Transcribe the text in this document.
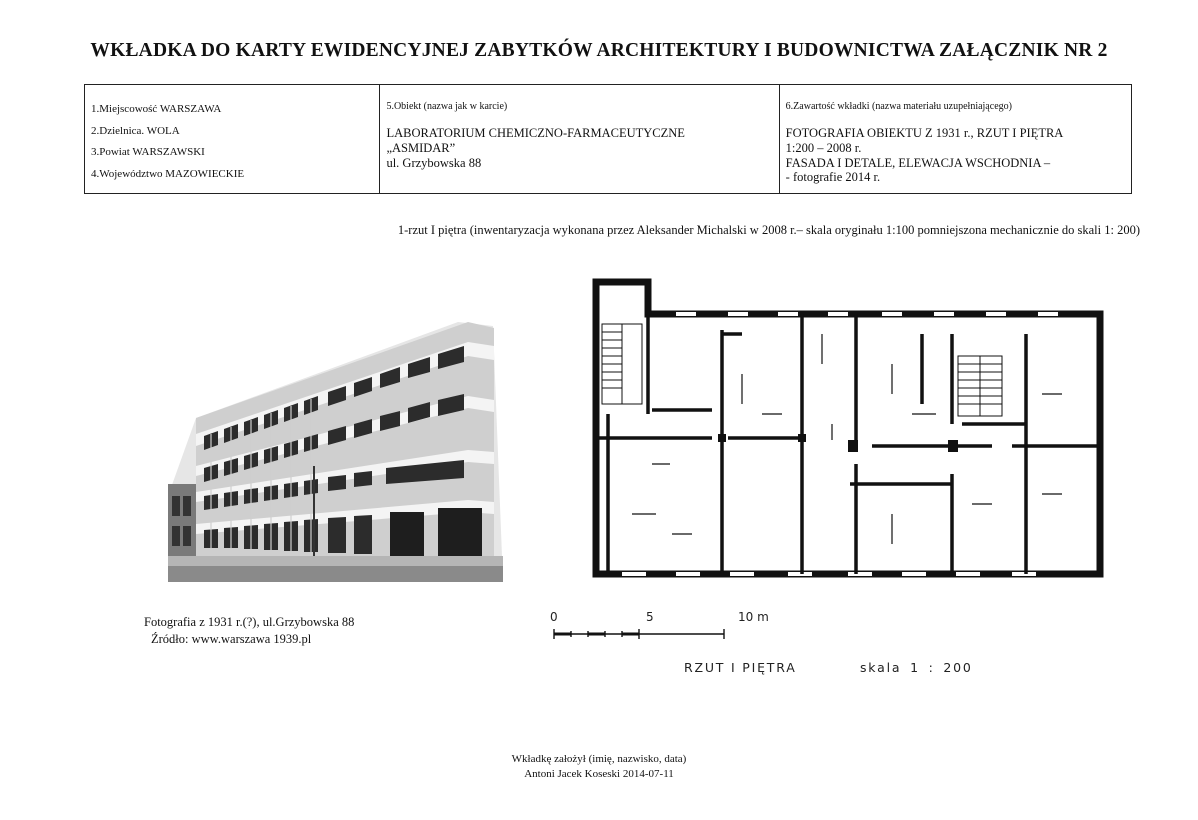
WKŁADKA DO KARTY EWIDENCYJNEJ ZABYTKÓW ARCHITEKTURY I BUDOWNICTWA ZAŁĄCZNIK NR 2
1.Miejscowość WARSZAWA
2.Dzielnica. WOLA
3.Powiat WARSZAWSKI
4.Województwo MAZOWIECKIE
5.Obiekt (nazwa jak w karcie)
LABORATORIUM CHEMICZNO-FARMACEUTYCZNE
„ASMIDAR”
ul. Grzybowska 88
6.Zawartość wkładki (nazwa materiału uzupełniającego)
FOTOGRAFIA OBIEKTU Z 1931 r., RZUT I PIĘTRA
1:200 – 2008 r.
FASADA I DETALE, ELEWACJA WSCHODNIA –
- fotografie 2014 r.
1-rzut I piętra (inwentaryzacja wykonana przez Aleksander Michalski w 2008 r.– skala oryginału 1:100 pomniejszona mechanicznie do skali 1: 200)
Fotografia z 1931 r.(?), ul.Grzybowska 88
Źródło: www.warszawa 1939.pl
0	5	10 m
RZUT I PIĘTRA	skala 1 : 200
Wkładkę założył (imię, nazwisko, data)
Antoni Jacek Koseski 2014-07-11
